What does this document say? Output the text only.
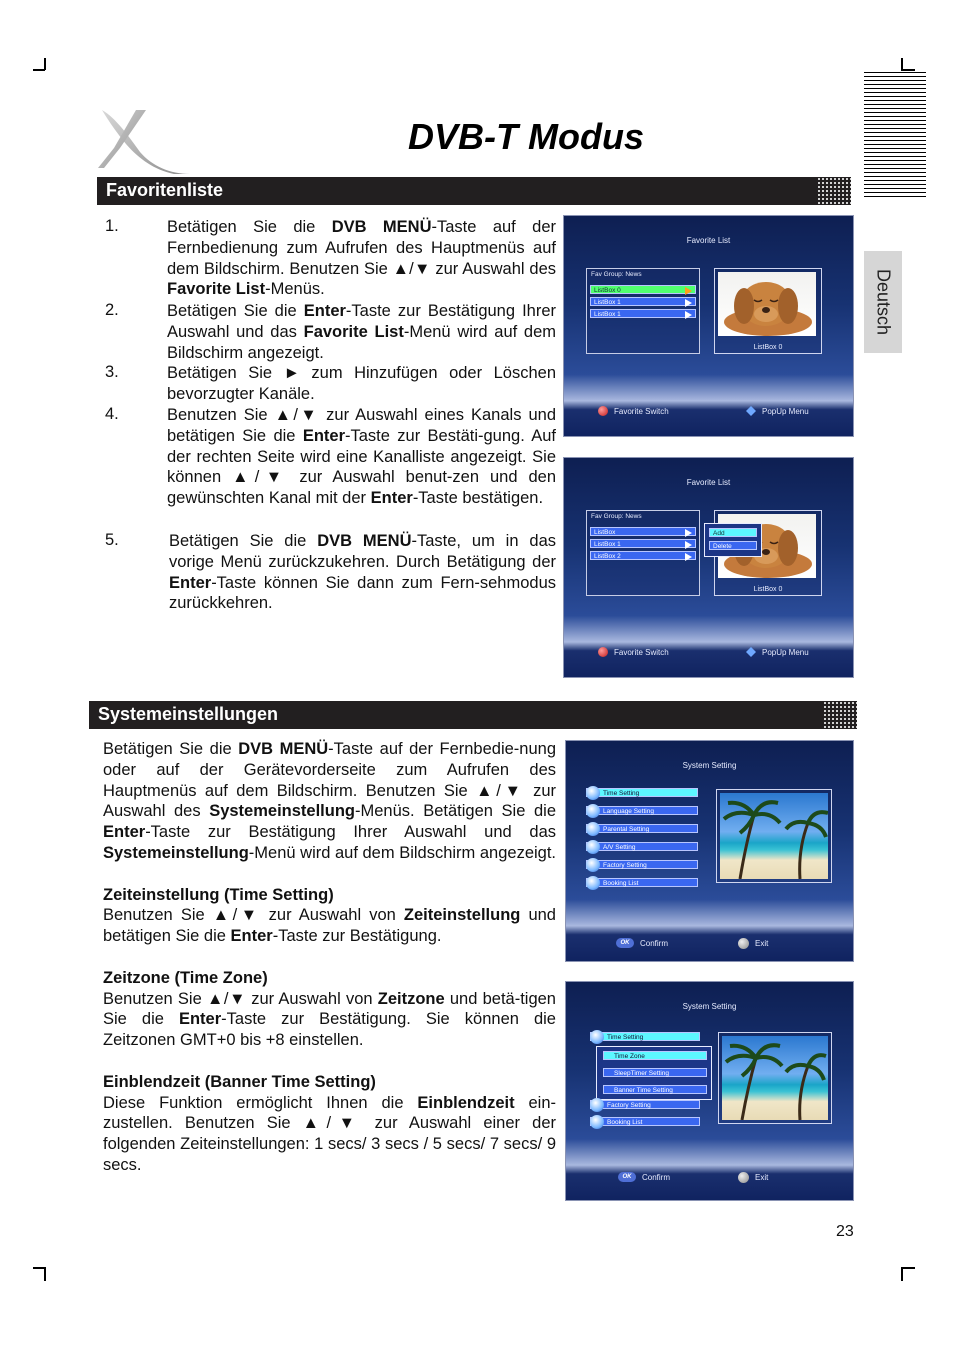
Deutsch
DVB-T Modus
Favoritenliste
1.	Betätigen Sie die DVB MENÜ-Taste auf der Fernbedienung zum Aufrufen des Hauptmenüs auf dem Bildschirm. Benutzen Sie ▲/▼ zur Auswahl des Favorite List-Menüs.
2.	Betätigen Sie die Enter-Taste zur Bestätigung Ihrer Auswahl und das Favorite List-Menü wird auf dem Bildschirm angezeigt.
3.	Betätigen Sie ► zum Hinzufügen oder Löschen bevorzugter Kanäle.
4.	Benutzen Sie ▲/▼ zur Auswahl eines Kanals und betätigen Sie die Enter-Taste zur Bestäti-gung. Auf der rechten Seite wird eine Kanalliste angezeigt. Sie können ▲/▼ zur Auswahl benut-zen und den gewünschten Kanal mit der Enter-Taste bestätigen.
5.	Betätigen Sie die DVB MENÜ-Taste, um in das vorige Menü zurückzukehren. Durch Betätigung der Enter-Taste können Sie dann zum Fern-sehmodus zurückkehren.
Favorite List
Fav Group: News
ListBox 0
ListBox 1
ListBox 1
ListBox 0
Favorite Switch	PopUp Menu
Favorite List
Fav Group: News
ListBox
ListBox 1
ListBox 2
ListBox 0
Add
Delete
Favorite Switch	PopUp Menu
Systemeinstellungen

Betätigen Sie die DVB MENÜ-Taste auf der Fernbedie-nung oder auf der Gerätevorderseite zum Aufrufen des Hauptmenüs auf dem Bildschirm. Benutzen Sie ▲/▼ zur Auswahl des Systemeinstellung-Menüs. Betätigen Sie die Enter-Taste zur Bestätigung Ihrer Auswahl und das Systemeinstellung-Menü wird auf dem Bildschirm angezeigt.

Zeiteinstellung (Time Setting)

Benutzen Sie ▲/▼ zur Auswahl von Zeiteinstellung und betätigen Sie die Enter-Taste zur Bestätigung.

Zeitzone (Time Zone)

Benutzen Sie ▲/▼ zur Auswahl von Zeitzone und betä-tigen Sie die Enter-Taste zur Bestätigung. Sie können die Zeitzonen GMT+0 bis +8 einstellen.

Einblendzeit (Banner Time Setting)

Diese Funktion ermöglicht Ihnen die Einblendzeit ein-zustellen. Benutzen Sie ▲/▼ zur Auswahl einer der folgenden Zeiteinstellungen: 1 secs/ 3 secs / 5 secs/ 7 secs/ 9 secs.

System Setting
OK	Confirm	Exit
Time Setting
Language Setting
Parental Setting
A/V Setting
Factory Setting
Booking List
System Setting
Time Setting
Time Zone
SleepTimer Setting
Banner Time Setting
Factory Setting
Booking List
OK	Confirm	Exit
23
